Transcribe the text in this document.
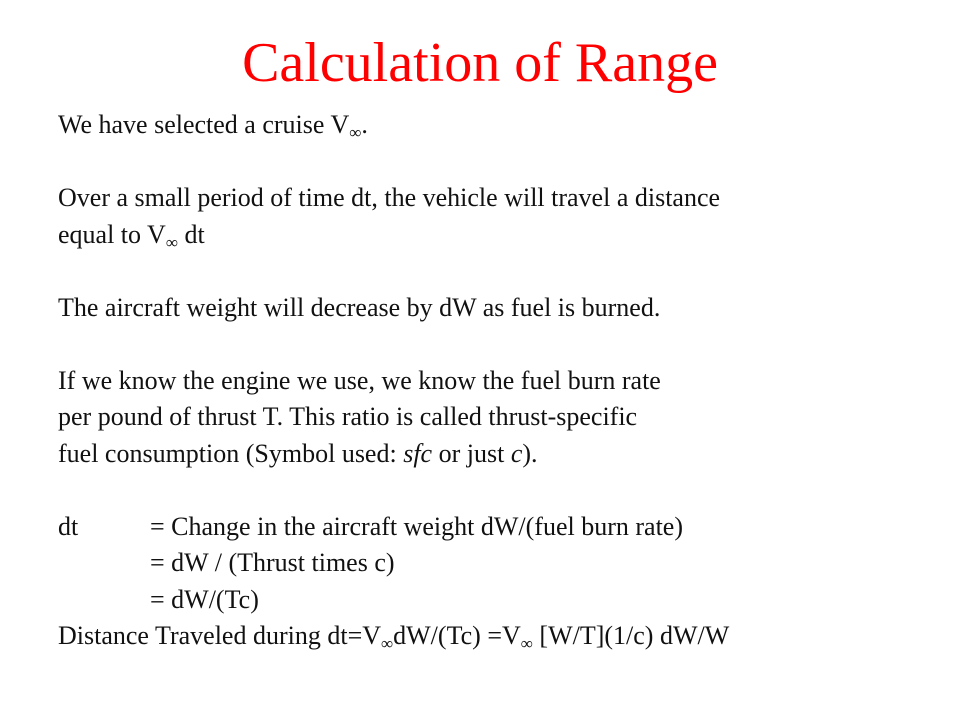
Calculation of Range
We have selected a cruise $V_\infty$.
Over a small period of time dt, the vehicle will travel a distance
equal to $V_\infty$ dt
The aircraft weight will decrease by dW as fuel is burned.
If we know the engine we use, we know the fuel burn rate
per pound of thrust T. This ratio is called thrust-specific
fuel consumption (Symbol used: sfc or just c).
dt	= Change in the aircraft weight dW/(fuel burn rate)
= dW / (Thrust times c)
= dW/(Tc)
Distance Traveled during $dt=V_\infty dW/(Tc) =V_\infty$ [W/T](1/c) dW/W
